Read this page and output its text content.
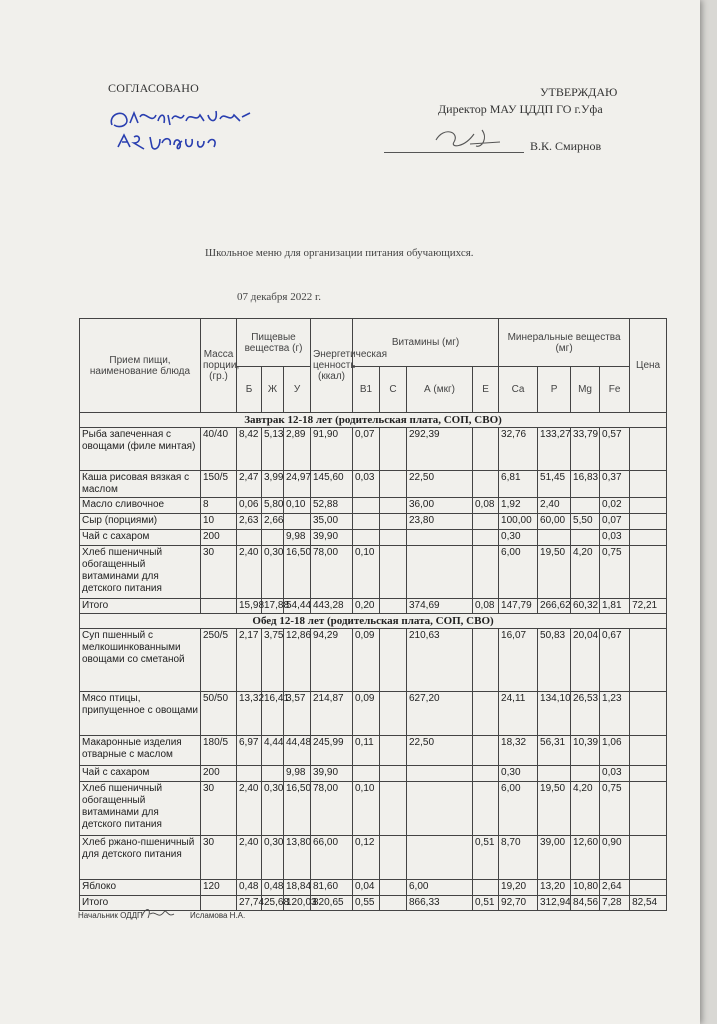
СОГЛАСОВАНО	УТВЕРЖДАЮ
Директор МАУ ЦДДП ГО г.Уфа
В.К. Смирнов
Школьное меню для организации питания обучающихся.
07 декабря 2022 г.
Прием пищи, наименование блюда	Масса порции, (гр.)	Пищевые вещества (г)			Энергетическая ценность (ккал)	Витамины (мг)				Минеральные вещества (мг)				Цена
		Б	Ж	У		В1	С	А (мкг)	Е	Са	Р	Mg	Fe	
Завтрак 12-18 лет (родительская плата, СОП, СВО)														
Рыба запеченная с овощами (филе минтая)	40/40	8,42	5,13	2,89	91,90	0,07		292,39		32,76	133,27	33,79	0,57	
Каша рисовая вязкая с маслом	150/5	2,47	3,99	24,97	145,60	0,03		22,50		6,81	51,45	16,83	0,37	
Масло сливочное	8	0,06	5,80	0,10	52,88			36,00	0,08	1,92	2,40		0,02	
Сыр (порциями)	10	2,63	2,66		35,00			23,80		100,00	60,00	5,50	0,07	
Чай с сахаром	200			9,98	39,90					0,30			0,03	
Хлеб пшеничный обогащенный витаминами для детского питания	30	2,40	0,30	16,50	78,00	0,10				6,00	19,50	4,20	0,75	
Итого		15,98	17,88	54,44	443,28	0,20		374,69	0,08	147,79	266,62	60,32	1,81	72,21
Обед 12-18 лет (родительская плата, СОП, СВО)														
Суп пшенный с мелкошинкованными овощами со сметаной	250/5	2,17	3,75	12,86	94,29	0,09		210,63		16,07	50,83	20,04	0,67	
Мясо птицы, припущенное с овощами	50/50	13,32	16,41	3,57	214,87	0,09		627,20		24,11	134,10	26,53	1,23	
Макаронные изделия отварные с маслом	180/5	6,97	4,44	44,48	245,99	0,11		22,50		18,32	56,31	10,39	1,06	
Чай с сахаром	200			9,98	39,90					0,30			0,03	
Хлеб пшеничный обогащенный витаминами для детского питания	30	2,40	0,30	16,50	78,00	0,10				6,00	19,50	4,20	0,75	
Хлеб ржано-пшеничный для детского питания	30	2,40	0,30	13,80	66,00	0,12			0,51	8,70	39,00	12,60	0,90	
Яблоко	120	0,48	0,48	18,84	81,60	0,04		6,00		19,20	13,20	10,80	2,64	
Итого		27,74	25,68	120,03	820,65	0,55		866,33	0,51	92,70	312,94	84,56	7,28	82,54
Начальник ОДДП	Исламова Н.А.
